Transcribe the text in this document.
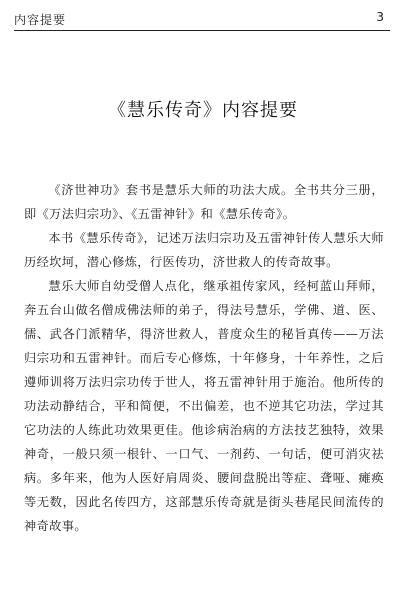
内容提要	3
《慧乐传奇》内容提要

《济世神功》套书是慧乐大师的功法大成。全书共分三册，即《万法归宗功》、《五雷神针》和《慧乐传奇》。

本书《慧乐传奇》，记述万法归宗功及五雷神针传人慧乐大师历经坎坷，潜心修炼，行医传功，济世救人的传奇故事。

慧乐大师自幼受僧人点化，继承祖传家风，经柯蓝山拜师，奔五台山做名僧成佛法师的弟子，得法号慧乐，学佛、道、医、儒、武各门派精华，得济世救人，普度众生的秘旨真传——万法归宗功和五雷神针。而后专心修炼，十年修身，十年养性，之后遵师训将万法归宗功传于世人，将五雷神针用于施治。他所传的功法动静结合，平和简便，不出偏差，也不逆其它功法，学过其它功法的人练此功效果更佳。他诊病治病的方法技艺独特，效果神奇，一般只须一根针、一口气、一剂药、一句话，便可消灾祛病。多年来，他为人医好肩周炎、腰间盘脱出等症、聋哑、瘫痪等无数，因此名传四方，这部慧乐传奇就是街头巷尾民间流传的神奇故事。
